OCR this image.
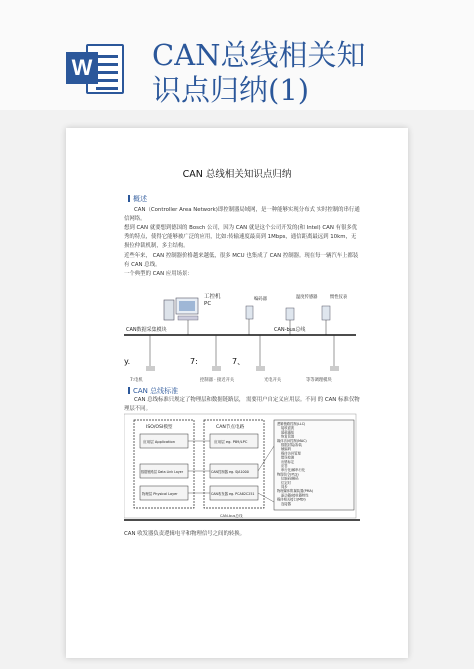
W CAN总线相关知
识点归纳(1)
CAN 总线相关知识点归纳
概述

CAN（Controller Area Network)即控制器局域网，是一种能够实现分布式 实时控制的串行通信网络。

想到 CAN 就要想到德国的 Bosch 公司，因为 CAN 就是这个公司开发的(和 Intel) CAN 有很多优秀的特点，使得它能够被广泛的应用，比如:传输速度最高到 1Mbps，通信距离最远到 10km，无损位仲裁机制，多主结构。

近些年来， CAN 控制器价格越来越低，很多 MCU 也集成了 CAN 控制器。现在每一辆汽车上都装有 CAN 总线。

一个典型的 CAN 应用场景：

工控机
PC
编码器	温度传感器	惯性仪表
CAN数据采集模块	CAN-bus总线
y.	7:	7、
7:电机	控制器 · 接近开关	光电开关	等等调理模块
CAN 总线标准

CAN 总线标准只规定了物理层和数据链路层， 需要用户自定义应用层。不同 的 CAN 标准仅物理层不同。

ISO/OSI模型
应用层 Application
数据链路层 Data Link Layer
物理层 Physical Layer
CAN节点电路
应用层 eg. P89/LPC
CAN控制器 eg. SJA1000
CAN收发器 eg. PCA82C251
逻辑链路控制(LLC)
接收滤波
超载通知
恢复管理
媒体访问控制(MAC)
数据封装/拆装
帧编码
媒体访问管理
错误检测
出错标定
应答
串行化/解串行化
物理信令(PLS)
位编码/解码
位定时
同步
物理媒体附属装置(PMA)
驱动器/接收器特性
媒体相关接口(MDI)
连接器
CAN-bus总线

CAN 收发器负责逻辑电平和物理信号之间的转换。
